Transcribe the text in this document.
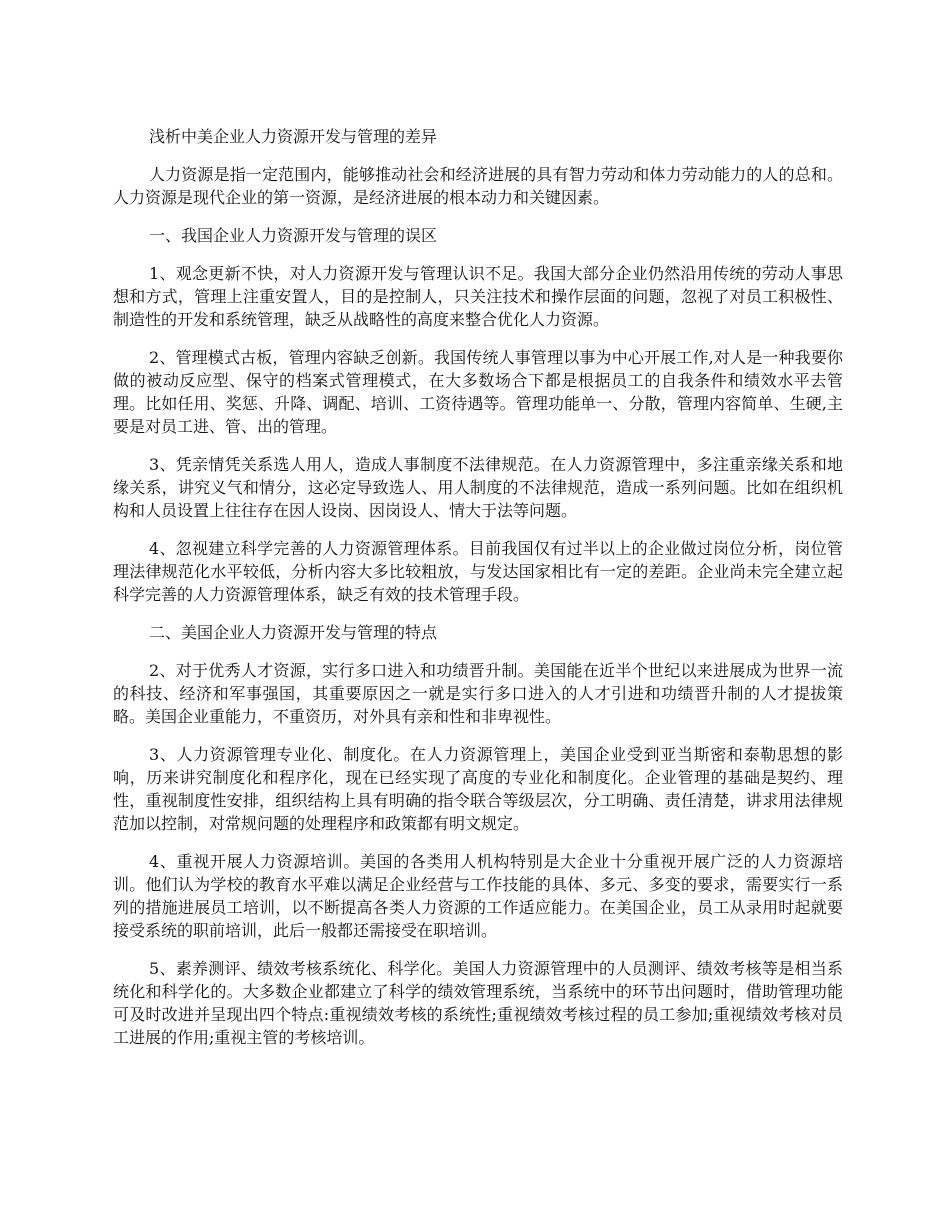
浅析中美企业人力资源开发与管理的差异

人力资源是指一定范围内，能够推动社会和经济进展的具有智力劳动和体力劳动能力的人的总和。人力资源是现代企业的第一资源，是经济进展的根本动力和关键因素。

一、我国企业人力资源开发与管理的误区

1、观念更新不快，对人力资源开发与管理认识不足。我国大部分企业仍然沿用传统的劳动人事思想和方式，管理上注重安置人，目的是控制人，只关注技术和操作层面的问题，忽视了对员工积极性、制造性的开发和系统管理，缺乏从战略性的高度来整合优化人力资源。

2、管理模式古板，管理内容缺乏创新。我国传统人事管理以事为中心开展工作,对人是一种我要你做的被动反应型、保守的档案式管理模式，在大多数场合下都是根据员工的自我条件和绩效水平去管理。比如任用、奖惩、升降、调配、培训、工资待遇等。管理功能单一、分散，管理内容简单、生硬,主要是对员工进、管、出的管理。

3、凭亲情凭关系选人用人，造成人事制度不法律规范。在人力资源管理中，多注重亲缘关系和地缘关系，讲究义气和情分，这必定导致选人、用人制度的不法律规范，造成一系列问题。比如在组织机构和人员设置上往往存在因人设岗、因岗设人、情大于法等问题。

4、忽视建立科学完善的人力资源管理体系。目前我国仅有过半以上的企业做过岗位分析，岗位管理法律规范化水平较低，分析内容大多比较粗放，与发达国家相比有一定的差距。企业尚未完全建立起科学完善的人力资源管理体系，缺乏有效的技术管理手段。

二、美国企业人力资源开发与管理的特点

2、对于优秀人才资源，实行多口进入和功绩晋升制。美国能在近半个世纪以来进展成为世界一流的科技、经济和军事强国，其重要原因之一就是实行多口进入的人才引进和功绩晋升制的人才提拔策略。美国企业重能力，不重资历，对外具有亲和性和非卑视性。

3、人力资源管理专业化、制度化。在人力资源管理上，美国企业受到亚当斯密和泰勒思想的影响，历来讲究制度化和程序化，现在已经实现了高度的专业化和制度化。企业管理的基础是契约、理性，重视制度性安排，组织结构上具有明确的指令联合等级层次，分工明确、责任清楚，讲求用法律规范加以控制，对常规问题的处理程序和政策都有明文规定。

4、重视开展人力资源培训。美国的各类用人机构特别是大企业十分重视开展广泛的人力资源培训。他们认为学校的教育水平难以满足企业经营与工作技能的具体、多元、多变的要求，需要实行一系列的措施进展员工培训，以不断提高各类人力资源的工作适应能力。在美国企业，员工从录用时起就要接受系统的职前培训，此后一般都还需接受在职培训。

5、素养测评、绩效考核系统化、科学化。美国人力资源管理中的人员测评、绩效考核等是相当系统化和科学化的。大多数企业都建立了科学的绩效管理系统，当系统中的环节出问题时，借助管理功能可及时改进并呈现出四个特点:重视绩效考核的系统性;重视绩效考核过程的员工参加;重视绩效考核对员工进展的作用;重视主管的考核培训。
